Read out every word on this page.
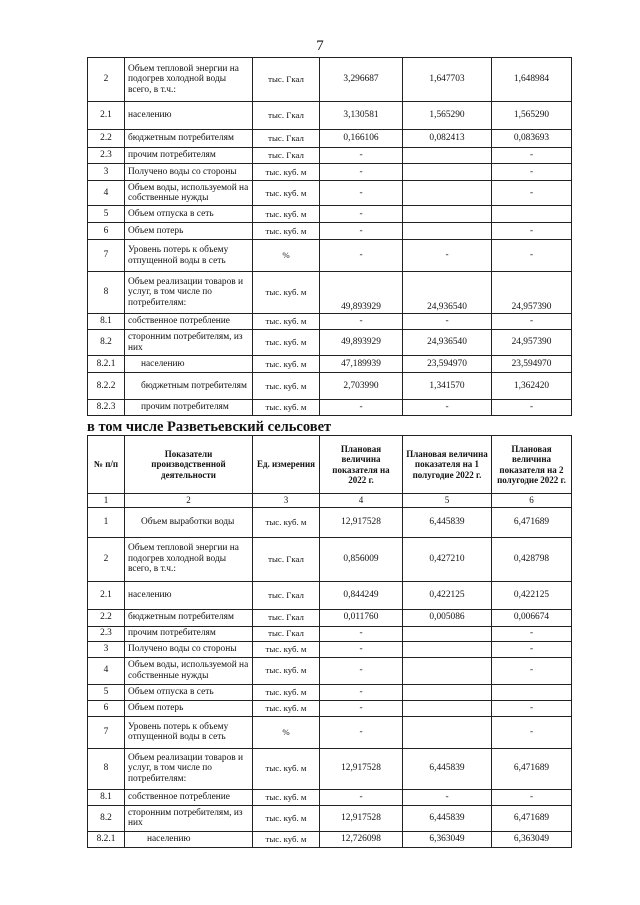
7
2	Объем тепловой энергии на подогрев холодной воды всего, в т.ч.:	тыс. Гкал	3,296687	1,647703	1,648984
2.1	населению	тыс. Гкал	3,130581	1,565290	1,565290
2.2	бюджетным потребителям	тыс. Гкал	0,166106	0,082413	0,083693
2.3	прочим потребителям	тыс. Гкал	-		-
3	Получено воды со стороны	тыс. куб. м	-		-
4	Объем воды, используемой на собственные нужды	тыс. куб. м	-		-
5	Объем отпуска в сеть	тыс. куб. м	-		
6	Объем потерь	тыс. куб. м	-		-
7	Уровень потерь к объему отпущенной воды в сеть	%	-	-	-
8	Объем реализации товаров и услуг, в том числе по потребителям:	тыс. куб. м	49,893929	24,936540	24,957390
8.1	собственное потребление	тыс. куб. м	-	-	-
8.2	сторонним потребителям, из них	тыс. куб. м	49,893929	24,936540	24,957390
8.2.1	населению	тыс. куб. м	47,189939	23,594970	23,594970
8.2.2	бюджетным потребителям	тыс. куб. м	2,703990	1,341570	1,362420
8.2.3	прочим потребителям	тыс. куб. м	-	-	-
в том числе Разветьевский сельсовет
№ п/п	Показатели производственной деятельности	Ед. измерения	Плановая величина показателя на 2022 г.	Плановая величина показателя на 1 полугодие 2022 г.	Плановая величина показателя на 2 полугодие 2022 г.
1	2	3	4	5	6
1	Объем выработки воды	тыс. куб. м	12,917528	6,445839	6,471689
2	Объем тепловой энергии на подогрев холодной воды всего, в т.ч.:	тыс. Гкал	0,856009	0,427210	0,428798
2.1	населению	тыс. Гкал	0,844249	0,422125	0,422125
2.2	бюджетным потребителям	тыс. Гкал	0,011760	0,005086	0,006674
2.3	прочим потребителям	тыс. Гкал	-		-
3	Получено воды со стороны	тыс. куб. м	-		-
4	Объем воды, используемой на собственные нужды	тыс. куб. м	-		-
5	Объем отпуска в сеть	тыс. куб. м	-		
6	Объем потерь	тыс. куб. м	-		-
7	Уровень потерь к объему отпущенной воды в сеть	%	-		-
8	Объем реализации товаров и услуг, в том числе по потребителям:	тыс. куб. м	12,917528	6,445839	6,471689
8.1	собственное потребление	тыс. куб. м	-	-	-
8.2	сторонним потребителям, из них	тыс. куб. м	12,917528	6,445839	6,471689
8.2.1	населению	тыс. куб. м	12,726098	6,363049	6,363049
